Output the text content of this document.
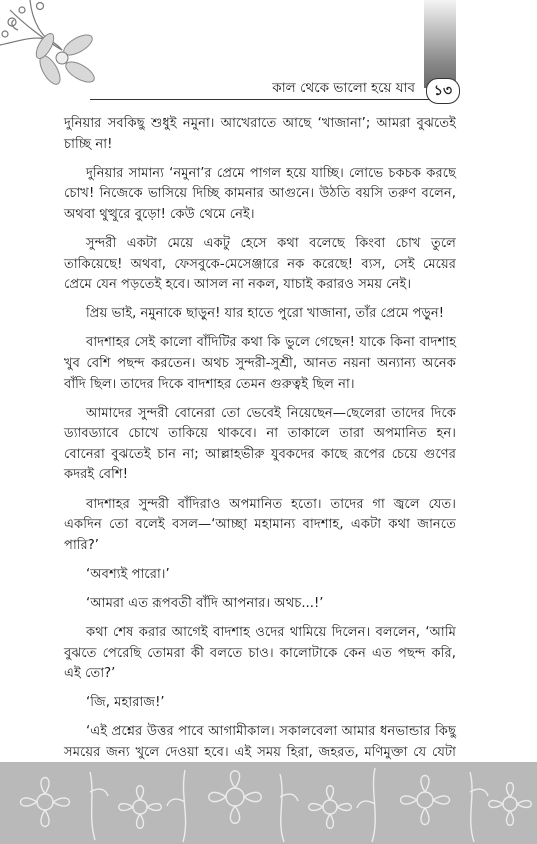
কাল থেকে ভালো হয়ে যাব	১৩

দুনিয়ার সবকিছু শুধুই নমুনা। আখেরাতে আছে ‘খাজানা’; আমরা বুঝতেই চাচ্ছি না!

দুনিয়ার সামান্য ‘নমুনা’র প্রেমে পাগল হয়ে যাচ্ছি। লোভে চকচক করছে চোখ! নিজেকে ভাসিয়ে দিচ্ছি কামনার আগুনে। উঠতি বয়সি তরুণ বলেন, অথবা থুত্থুরে বুড়ো! কেউ থেমে নেই।

সুন্দরী একটা মেয়ে একটু হেসে কথা বলেছে কিংবা চোখ তুলে তাকিয়েছে! অথবা, ফেসবুকে-মেসেঞ্জারে নক করেছে! ব্যস, সেই মেয়ের প্রেমে যেন পড়তেই হবে। আসল না নকল, যাচাই করারও সময় নেই।

প্রিয় ভাই, নমুনাকে ছাড়ুন! যার হাতে পুরো খাজানা, তাঁর প্রেমে পড়ুন!

বাদশাহর সেই কালো বাঁদিটির কথা কি ভুলে গেছেন! যাকে কিনা বাদশাহ খুব বেশি পছন্দ করতেন। অথচ সুন্দরী-সুশ্রী, আনত নয়না অন্যান্য অনেক বাঁদি ছিল। তাদের দিকে বাদশাহর তেমন গুরুত্বই ছিল না।

আমাদের সুন্দরী বোনেরা তো ভেবেই নিয়েছেন—ছেলেরা তাদের দিকে ড্যাবড্যাবে চোখে তাকিয়ে থাকবে। না তাকালে তারা অপমানিত হন। বোনেরা বুঝতেই চান না; আল্লাহভীরু যুবকদের কাছে রূপের চেয়ে গুণের কদরই বেশি!

বাদশাহর সুন্দরী বাঁদিরাও অপমানিত হতো। তাদের গা জ্বলে যেত। একদিন তো বলেই বসল—‘আচ্ছা মহামান্য বাদশাহ, একটা কথা জানতে পারি?’

‘অবশ্যই পারো।’

‘আমরা এত রূপবতী বাঁদি আপনার। অথচ...!’

কথা শেষ করার আগেই বাদশাহ ওদের থামিয়ে দিলেন। বললেন, ‘আমি বুঝতে পেরেছি তোমরা কী বলতে চাও। কালোটাকে কেন এত পছন্দ করি, এই তো?’

‘জি, মহারাজ!’

‘এই প্রশ্নের উত্তর পাবে আগামীকাল। সকালবেলা আমার ধনভান্ডার কিছু সময়ের জন্য খুলে দেওয়া হবে। এই সময় হিরা, জহরত, মণিমুক্তা যে যেটা
